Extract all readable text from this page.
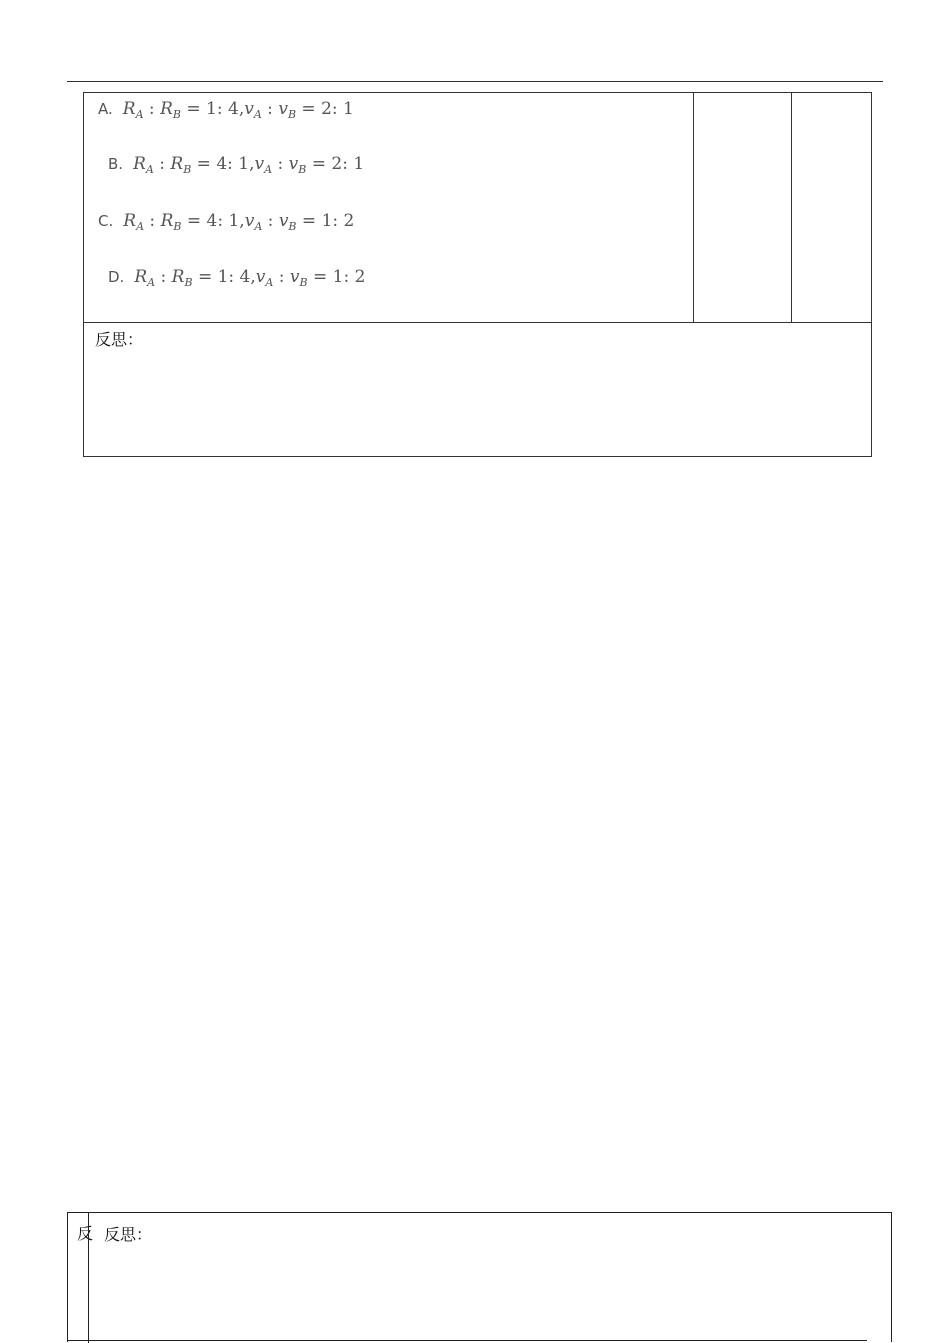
A. $R_A$ : $R_B = 1$: $4,v_A$ : $v_B = 2$: 1
B. $R_A$ : $R_B = 4$: $1,v_A$ : $v_B = 2$: 1
C. $R_A$ : $R_B = 4$: $1,v_A$ : $v_B = 1$: 2
D. $R_A$ : $R_B = 1$: $4,v_A$ : $v_B = 1$: 2
反思：
反 反思：
